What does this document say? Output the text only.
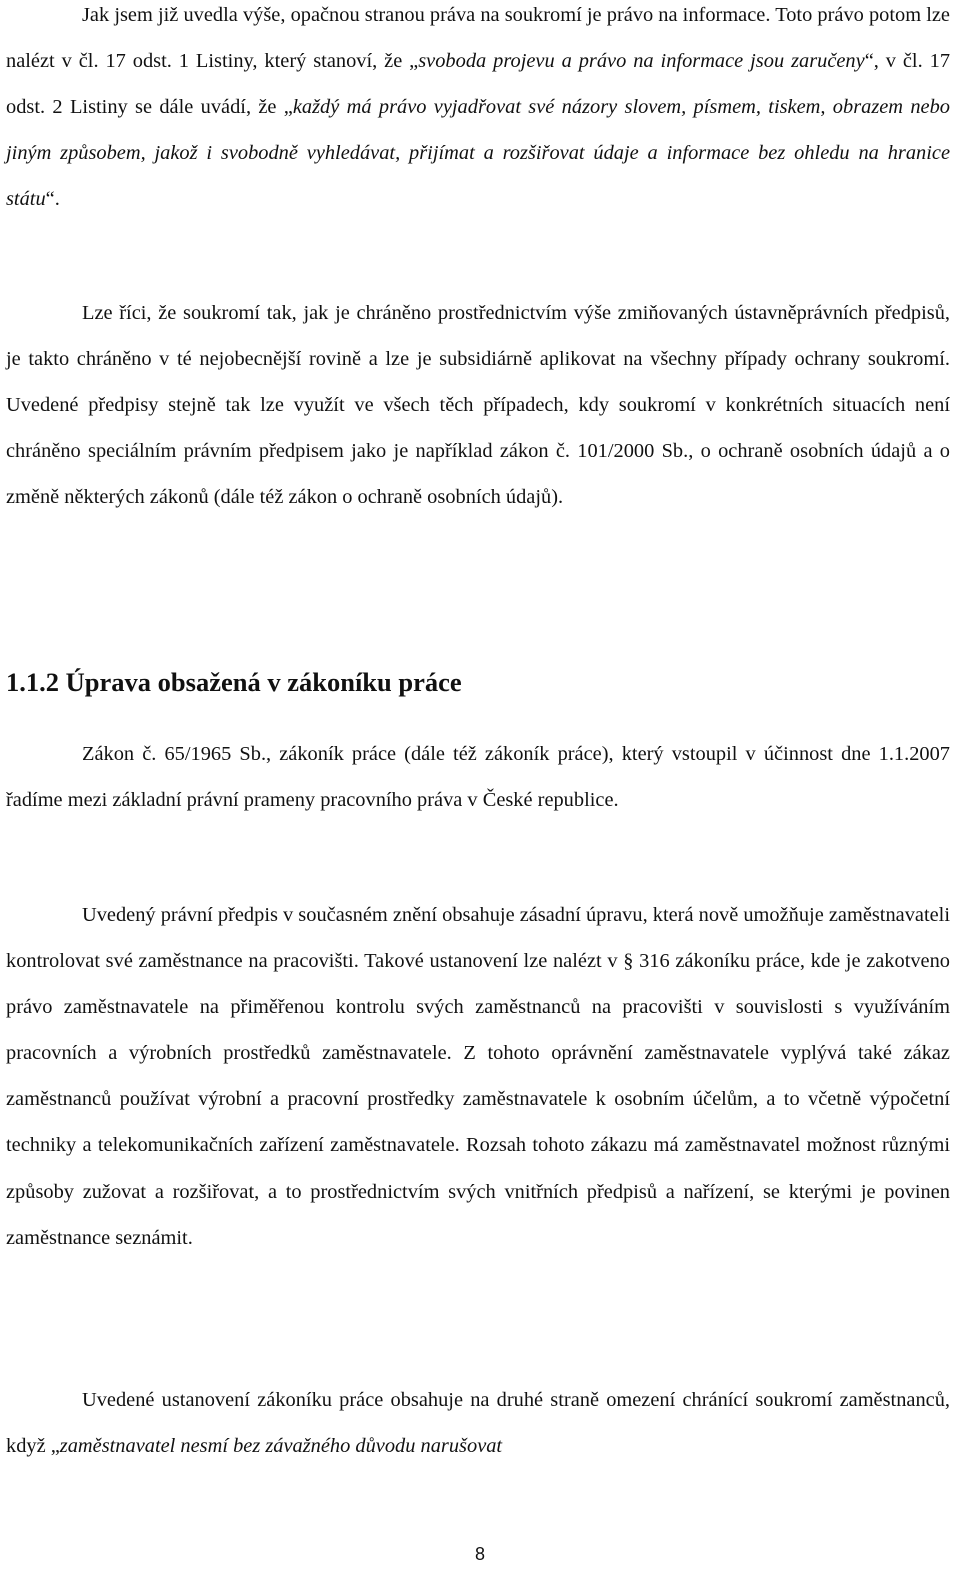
Jak jsem již uvedla výše, opačnou stranou práva na soukromí je právo na informace. Toto právo potom lze nalézt v čl. 17 odst. 1 Listiny, který stanoví, že „svoboda projevu a právo na informace jsou zaručeny“, v čl. 17 odst. 2 Listiny se dále uvádí, že „každý má právo vyjadřovat své názory slovem, písmem, tiskem, obrazem nebo jiným způsobem, jakož i svobodně vyhledávat, přijímat a rozšiřovat údaje a informace bez ohledu na hranice státu“.

Lze říci, že soukromí tak, jak je chráněno prostřednictvím výše zmiňovaných ústavněprávních předpisů, je takto chráněno v té nejobecnější rovině a lze je subsidiárně aplikovat na všechny případy ochrany soukromí. Uvedené předpisy stejně tak lze využít ve všech těch případech, kdy soukromí v konkrétních situacích není chráněno speciálním právním předpisem jako je například zákon č. 101/2000 Sb., o ochraně osobních údajů a o změně některých zákonů (dále též zákon o ochraně osobních údajů).

1.1.2 Úprava obsažená v zákoníku práce

Zákon č. 65/1965 Sb., zákoník práce (dále též zákoník práce), který vstoupil v účinnost dne 1.1.2007 řadíme mezi základní právní prameny pracovního práva v České republice.

Uvedený právní předpis v současném znění obsahuje zásadní úpravu, která nově umožňuje zaměstnavateli kontrolovat své zaměstnance na pracovišti. Takové ustanovení lze nalézt v § 316 zákoníku práce, kde je zakotveno právo zaměstnavatele na přiměřenou kontrolu svých zaměstnanců na pracovišti v souvislosti s využíváním pracovních a výrobních prostředků zaměstnavatele. Z tohoto oprávnění zaměstnavatele vyplývá také zákaz zaměstnanců používat výrobní a pracovní prostředky zaměstnavatele k osobním účelům, a to včetně výpočetní techniky a telekomunikačních zařízení zaměstnavatele. Rozsah tohoto zákazu má zaměstnavatel možnost různými způsoby zužovat a rozšiřovat, a to prostřednictvím svých vnitřních předpisů a nařízení, se kterými je povinen zaměstnance seznámit.

Uvedené ustanovení zákoníku práce obsahuje na druhé straně omezení chránící soukromí zaměstnanců, když „zaměstnavatel nesmí bez závažného důvodu narušovat

8
